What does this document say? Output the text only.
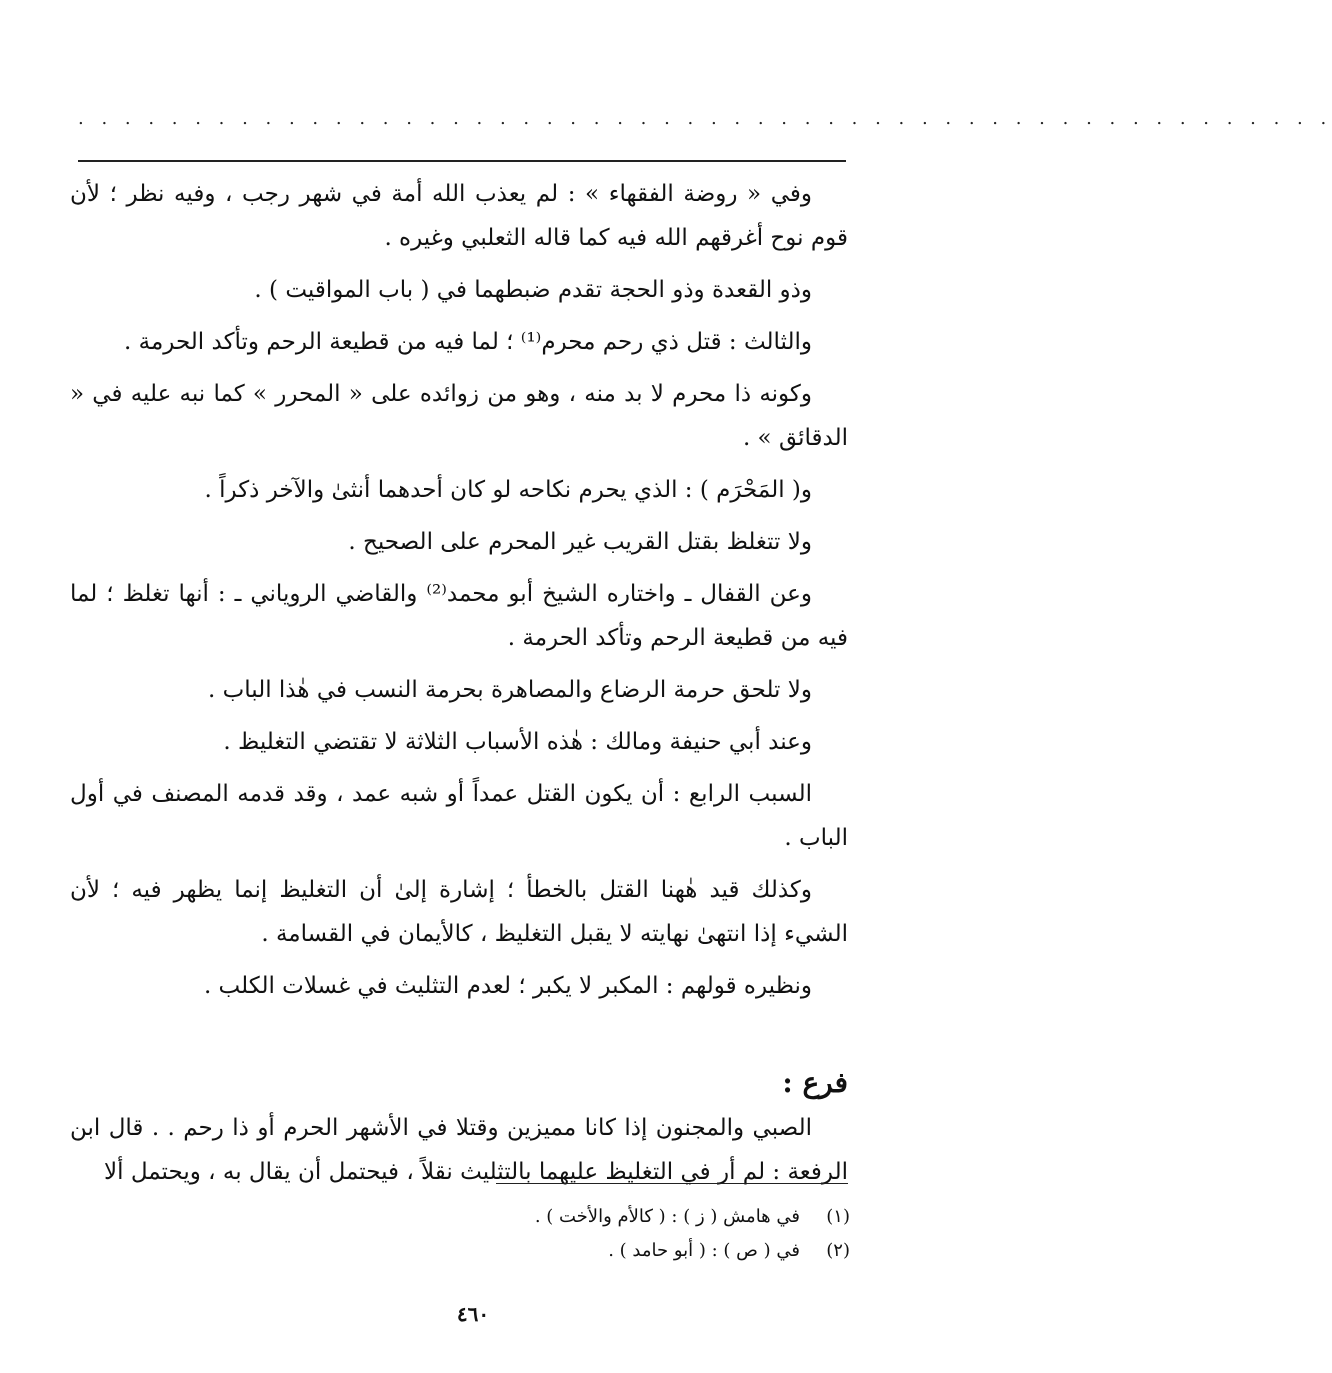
. . . . . . . . . . . . . . . . . . . . . . . . . . . . . . . . . . . . . . . . . . . . . . . . . . . . . .

وفي « روضة الفقهاء » : لم يعذب الله أمة في شهر رجب ، وفيه نظر ؛ لأن قوم نوح أغرقهم الله فيه كما قاله الثعلبي وغيره .

وذو القعدة وذو الحجة تقدم ضبطهما في ( باب المواقيت ) .

والثالث : قتل ذي رحم محرم⁽¹⁾ ؛ لما فيه من قطيعة الرحم وتأكد الحرمة .

وكونه ذا محرم لا بد منه ، وهو من زوائده على « المحرر » كما نبه عليه في « الدقائق » .

و( المَحْرَم ) : الذي يحرم نكاحه لو كان أحدهما أنثىٰ والآخر ذكراً .

ولا تتغلظ بقتل القريب غير المحرم على الصحيح .

وعن القفال ـ واختاره الشيخ أبو محمد⁽²⁾ والقاضي الروياني ـ : أنها تغلظ ؛ لما فيه من قطيعة الرحم وتأكد الحرمة .

ولا تلحق حرمة الرضاع والمصاهرة بحرمة النسب في هٰذا الباب .

وعند أبي حنيفة ومالك : هٰذه الأسباب الثلاثة لا تقتضي التغليظ .

السبب الرابع : أن يكون القتل عمداً أو شبه عمد ، وقد قدمه المصنف في أول الباب .

وكذلك قيد هٰهنا القتل بالخطأ ؛ إشارة إلىٰ أن التغليظ إنما يظهر فيه ؛ لأن الشيء إذا انتهىٰ نهايته لا يقبل التغليظ ، كالأيمان في القسامة .

ونظيره قولهم : المكبر لا يكبر ؛ لعدم التثليث في غسلات الكلب .

فرع :

الصبي والمجنون إذا كانا مميزين وقتلا في الأشهر الحرم أو ذا رحم . . قال ابن الرفعة : لم أر في التغليظ عليهما بالتثليث نقلاً ، فيحتمل أن يقال به ، ويحتمل ألا

(١)
في هامش ( ز ) : ( كالأم والأخت ) .
(٢)
في ( ص ) : ( أبو حامد ) .
٤٦٠
